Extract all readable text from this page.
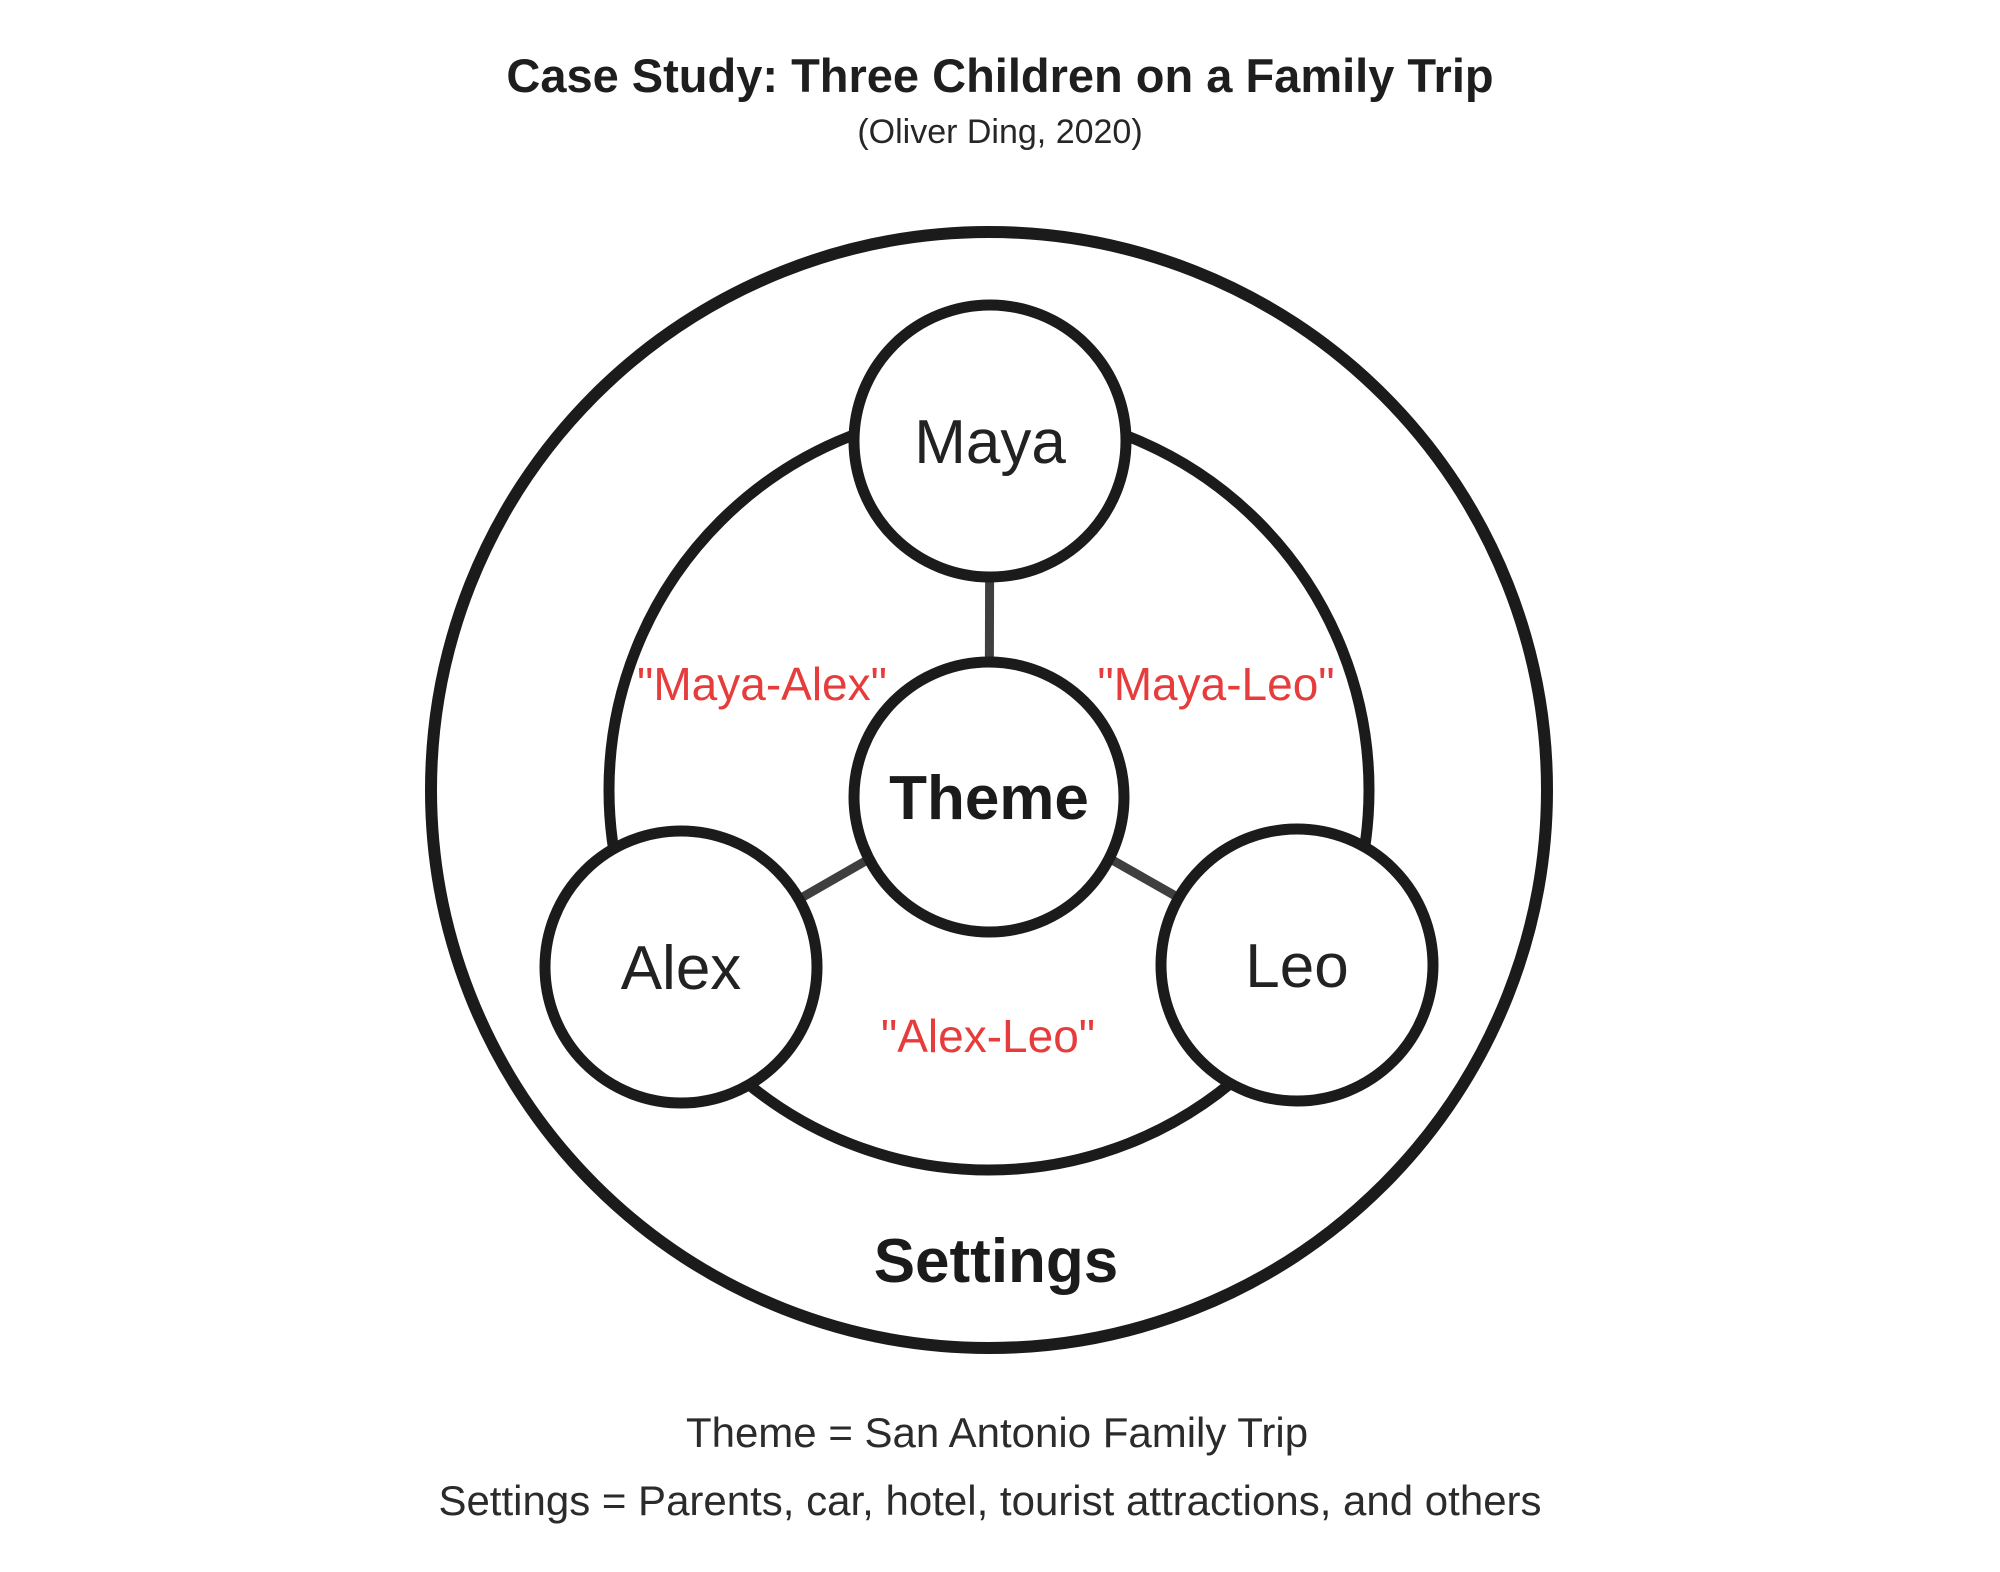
Case Study: Three Children on a Family Trip
(Oliver Ding, 2020)
Maya
Alex	Leo
Theme
Settings
"Maya-Alex"	"Maya-Leo"
"Alex-Leo"
Theme = San Antonio Family Trip
Settings = Parents, car, hotel, tourist attractions, and others
